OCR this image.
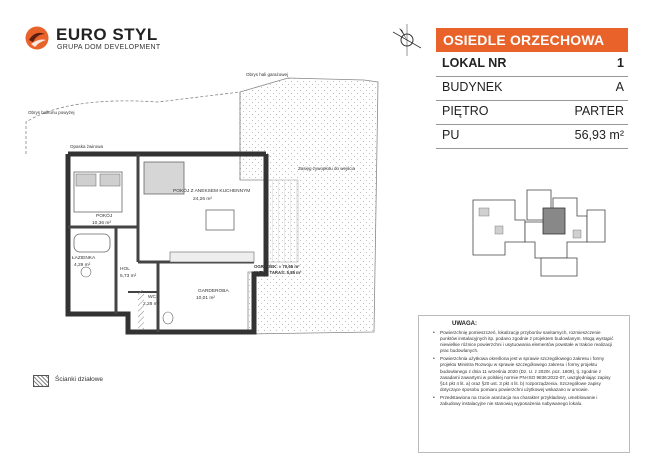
EURO STYL
GRUPA DOM DEVELOPMENT
Obrys hali garażowej
Obrys balkonu powyżej
Opaska żwirowa
Zasięg żywopłotu do wejścia
POKÓJ Z ANEKSEM KUCHENNYM
24,26 m²
POKÓJ
10,36 m²
ŁAZIENKA
4,29 m²
HOL
5,73 m²
WC
2,28 m²
GARDEROBA
10,01 m²
OGRÓDEK: ≈ 70,65 m²
W TYM TARAS: 5,85 m²
OSIEDLE ORZECHOWA
LOKAL NR	1
BUDYNEK	A
PIĘTRO	PARTER
PU	56,93 m²
UWAGA:
• Powierzchnię pomieszczeń, lokalizację przyborów sanitarnych, rozmieszczenie punktów instalacyjnych itp. podano zgodnie z projektem budowlanym. Mogą wystąpić niewielkie różnice powierzchni i usytuowania elementów powstałe w trakcie realizacji prac budowlanych.
• Powierzchnia użytkowa określona jest w sprawie szczegółowego zakresu i formy projektu Ministra Rozwoju w sprawie szczegółowego zakresu i formy projektu budowlanego z dnia 11 września 2020 (Dz. U. z 2020r. poz. 1609), tj. zgodnie z zasadami zawartymi w polskiej normie PN-ISO 9836:2022-07, uwzględniając zapisy §14 pkt 4 lit. a) oraz §20 ust. 3 pkt 4 lit. b) rozporządzenia. Szczegółowe zapisy dotyczące sposobu pomiaru powierzchni użytkowej wskazano w umowie.
• Przedstawiona na rzucie aranżacja ma charakter przykładowy, umeblowanie i zabudowy instalacyjne nie stanowią wyposażenia nabywanego lokalu.
Ścianki działowe
